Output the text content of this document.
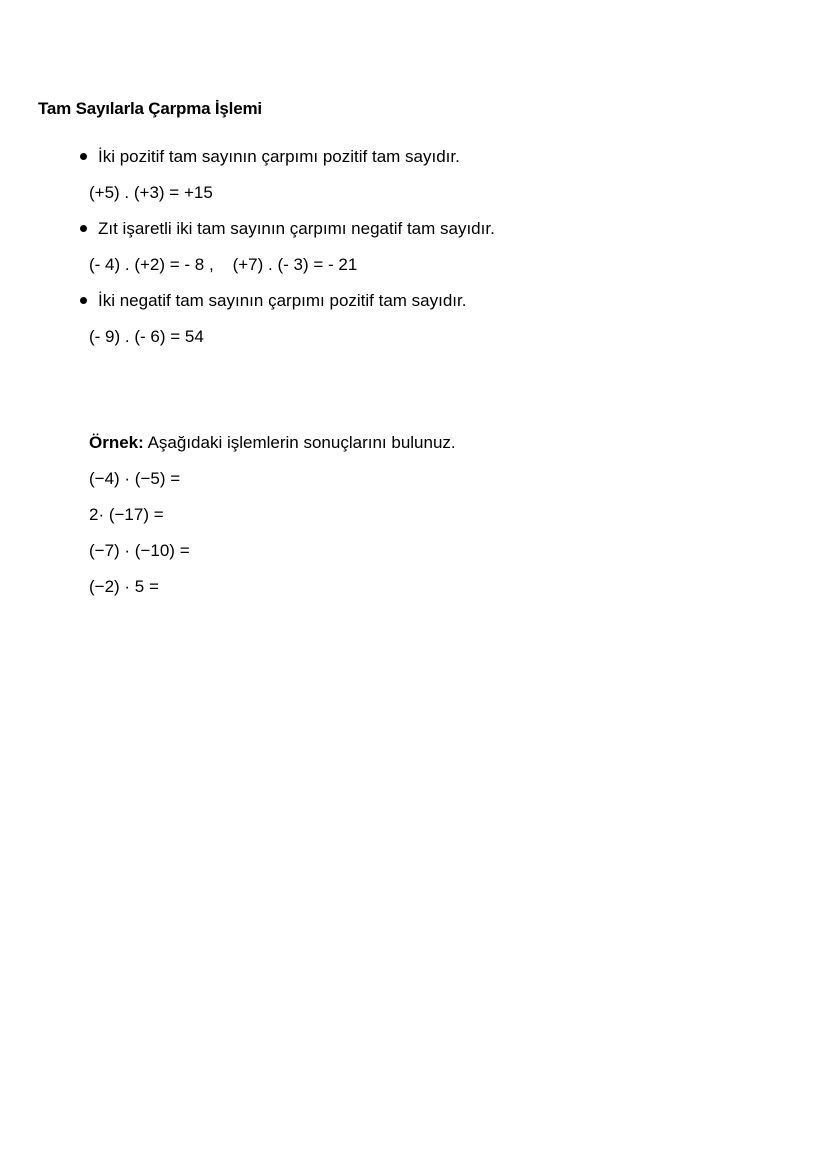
Tam Sayılarla Çarpma İşlemi
İki pozitif tam sayının çarpımı pozitif tam sayıdır.
(+5) . (+3) = +15
Zıt işaretli iki tam sayının çarpımı negatif tam sayıdır.
(- 4) . (+2) = - 8 ,    (+7) . (- 3) = - 21
İki negatif tam sayının çarpımı pozitif tam sayıdır.
(- 9) . (- 6) = 54
Örnek: Aşağıdaki işlemlerin sonuçlarını bulunuz.
(−4) · (−5) =
2· (−17) =
(−7) · (−10) =
(−2) · 5 =
